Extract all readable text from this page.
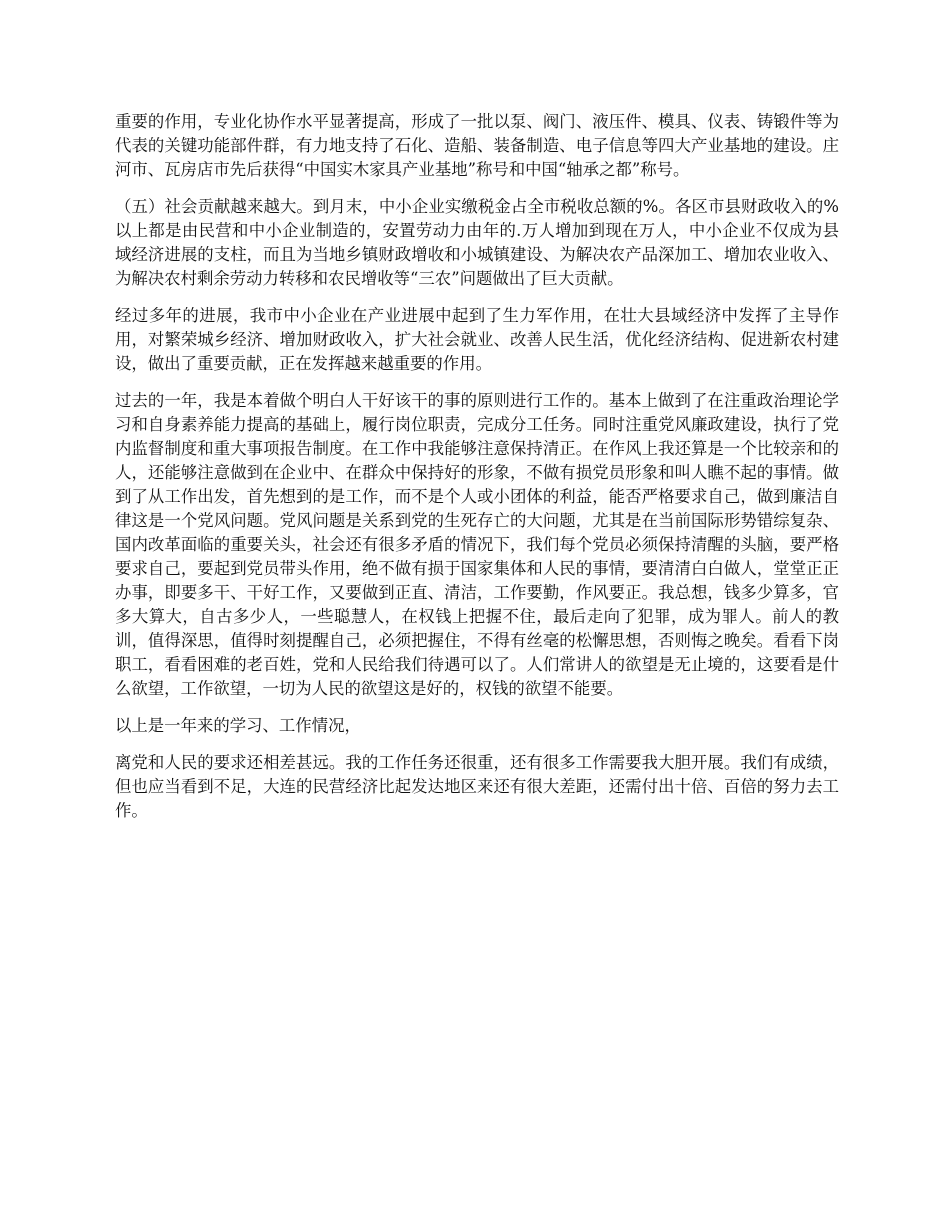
重要的作用，专业化协作水平显著提高，形成了一批以泵、阀门、液压件、模具、仪表、铸锻件等为代表的关键功能部件群，有力地支持了石化、造船、装备制造、电子信息等四大产业基地的建设。庄河市、瓦房店市先后获得“中国实木家具产业基地”称号和中国“轴承之都”称号。

（五）社会贡献越来越大。到月末，中小企业实缴税金占全市税收总额的%。各区市县财政收入的%以上都是由民营和中小企业制造的，安置劳动力由年的.万人增加到现在万人，中小企业不仅成为县域经济进展的支柱，而且为当地乡镇财政增收和小城镇建设、为解决农产品深加工、增加农业收入、为解决农村剩余劳动力转移和农民增收等“三农”问题做出了巨大贡献。

经过多年的进展，我市中小企业在产业进展中起到了生力军作用，在壮大县域经济中发挥了主导作用，对繁荣城乡经济、增加财政收入，扩大社会就业、改善人民生活，优化经济结构、促进新农村建设，做出了重要贡献，正在发挥越来越重要的作用。

过去的一年，我是本着做个明白人干好该干的事的原则进行工作的。基本上做到了在注重政治理论学习和自身素养能力提高的基础上，履行岗位职责，完成分工任务。同时注重党风廉政建设，执行了党内监督制度和重大事项报告制度。在工作中我能够注意保持清正。在作风上我还算是一个比较亲和的人，还能够注意做到在企业中、在群众中保持好的形象，不做有损党员形象和叫人瞧不起的事情。做到了从工作出发，首先想到的是工作，而不是个人或小团体的利益，能否严格要求自己，做到廉洁自律这是一个党风问题。党风问题是关系到党的生死存亡的大问题，尤其是在当前国际形势错综复杂、国内改革面临的重要关头，社会还有很多矛盾的情况下，我们每个党员必须保持清醒的头脑，要严格要求自己，要起到党员带头作用，绝不做有损于国家集体和人民的事情，要清清白白做人，堂堂正正办事，即要多干、干好工作，又要做到正直、清洁，工作要勤，作风要正。我总想，钱多少算多，官多大算大，自古多少人，一些聪慧人，在权钱上把握不住，最后走向了犯罪，成为罪人。前人的教训，值得深思，值得时刻提醒自己，必须把握住，不得有丝毫的松懈思想，否则悔之晚矣。看看下岗职工，看看困难的老百姓，党和人民给我们待遇可以了。人们常讲人的欲望是无止境的，这要看是什么欲望，工作欲望，一切为人民的欲望这是好的，权钱的欲望不能要。

以上是一年来的学习、工作情况，

离党和人民的要求还相差甚远。我的工作任务还很重，还有很多工作需要我大胆开展。我们有成绩，但也应当看到不足，大连的民营经济比起发达地区来还有很大差距，还需付出十倍、百倍的努力去工作。
